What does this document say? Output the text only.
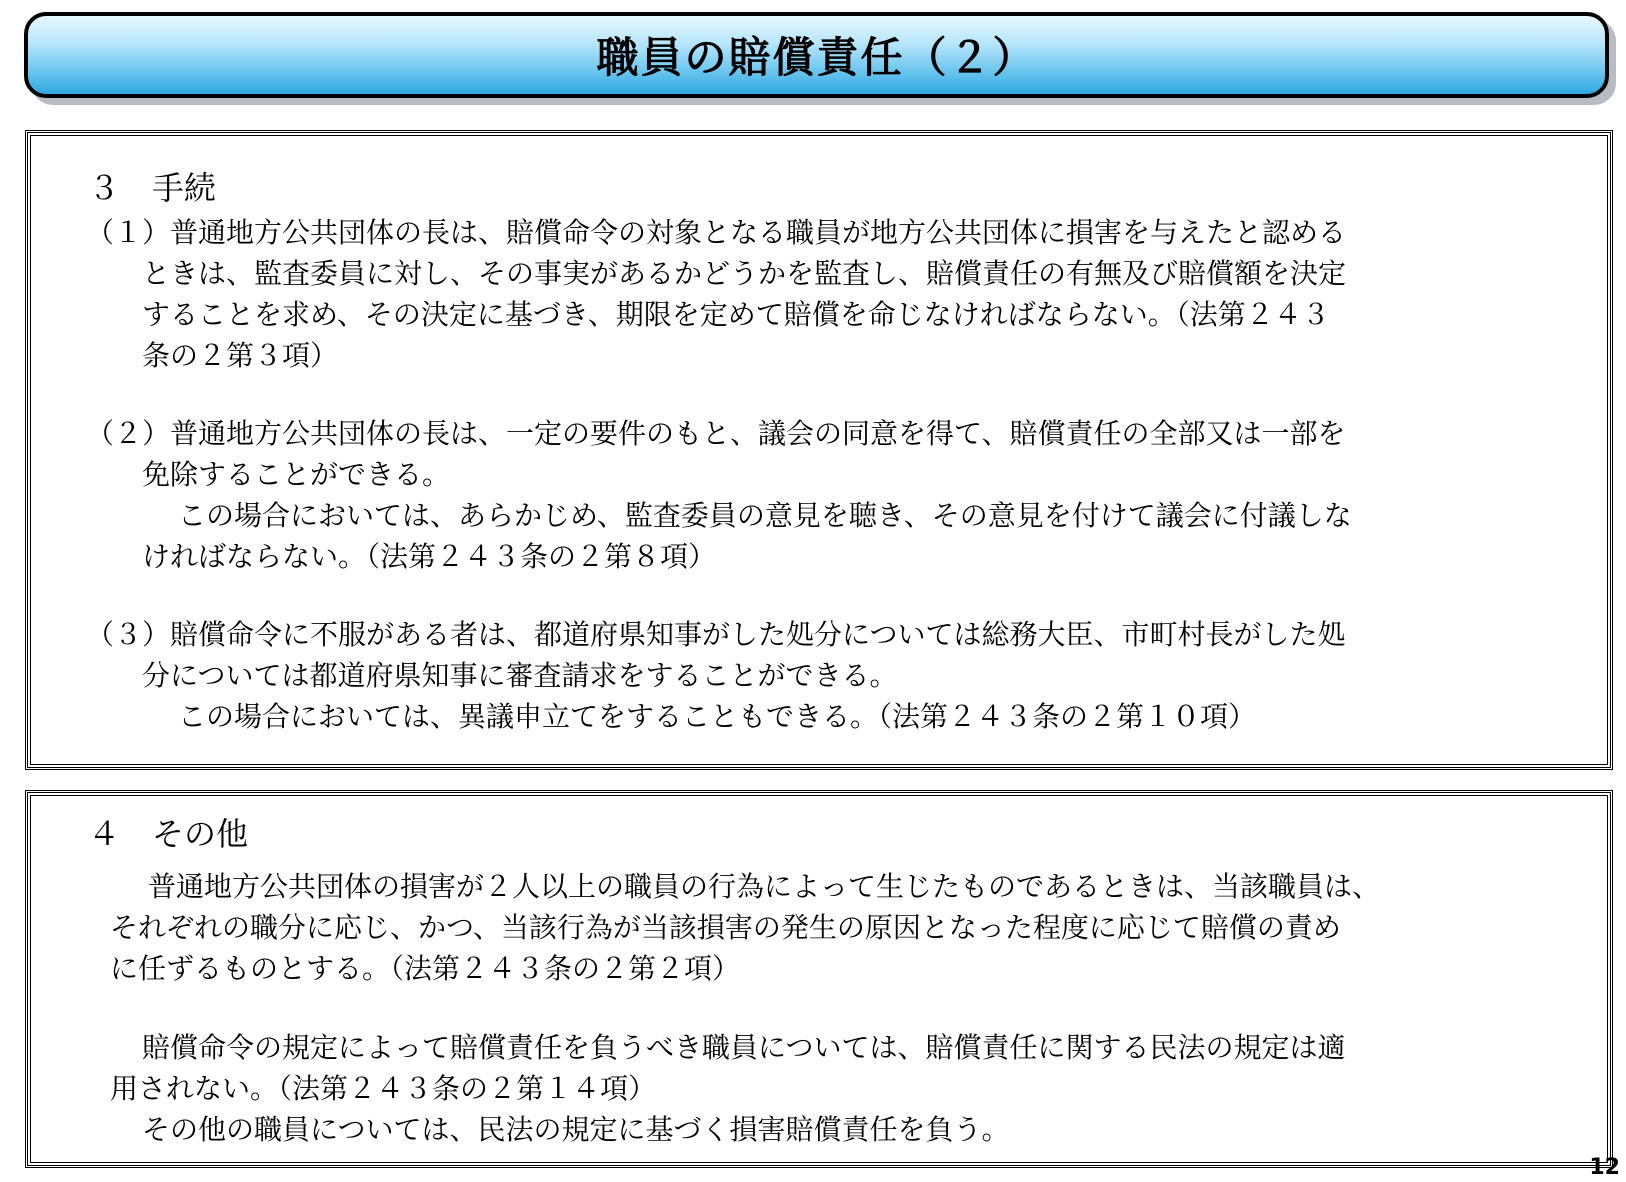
職員の賠償責任（２）
３　手続
（１）普通地方公共団体の長は、賠償命令の対象となる職員が地方公共団体に損害を与えたと認める
ときは、監査委員に対し、その事実があるかどうかを監査し、賠償責任の有無及び賠償額を決定
することを求め、その決定に基づき、期限を定めて賠償を命じなければならない。（法第２４３
条の２第３項）
（２）普通地方公共団体の長は、一定の要件のもと、議会の同意を得て、賠償責任の全部又は一部を
免除することができる。
この場合においては、あらかじめ、監査委員の意見を聴き、その意見を付けて議会に付議しな
ければならない。（法第２４３条の２第８項）
（３）賠償命令に不服がある者は、都道府県知事がした処分については総務大臣、市町村長がした処
分については都道府県知事に審査請求をすることができる。
この場合においては、異議申立てをすることもできる。（法第２４３条の２第１０項）
４　その他
普通地方公共団体の損害が２人以上の職員の行為によって生じたものであるときは、当該職員は、
それぞれの職分に応じ、かつ、当該行為が当該損害の発生の原因となった程度に応じて賠償の責め
に任ずるものとする。（法第２４３条の２第２項）
賠償命令の規定によって賠償責任を負うべき職員については、賠償責任に関する民法の規定は適
用されない。（法第２４３条の２第１４項）
その他の職員については、民法の規定に基づく損害賠償責任を負う。
12
